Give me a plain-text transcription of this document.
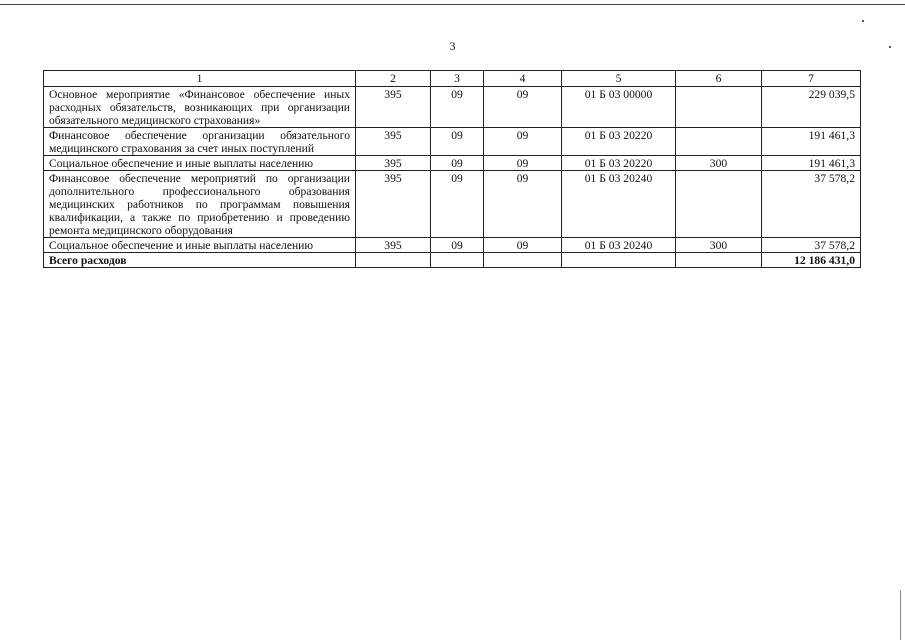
3
1	2	3	4	5	6	7
Основное мероприятие «Финансовое обеспечение иных расходных обязательств, возникающих при организации обязательного медицинского страхования»	395	09	09	01 Б 03 00000		229 039,5
Финансовое обеспечение организации обязательного медицинского страхования за счет иных поступлений	395	09	09	01 Б 03 20220		191 461,3
Социальное обеспечение и иные выплаты населению	395	09	09	01 Б 03 20220	300	191 461,3
Финансовое обеспечение мероприятий по организации дополнительного профессионального образования медицинских работников по программам повышения квалификации, а также по приобретению и проведению ремонта медицинского оборудования	395	09	09	01 Б 03 20240		37 578,2
Социальное обеспечение и иные выплаты населению	395	09	09	01 Б 03 20240	300	37 578,2
Всего расходов						12 186 431,0
